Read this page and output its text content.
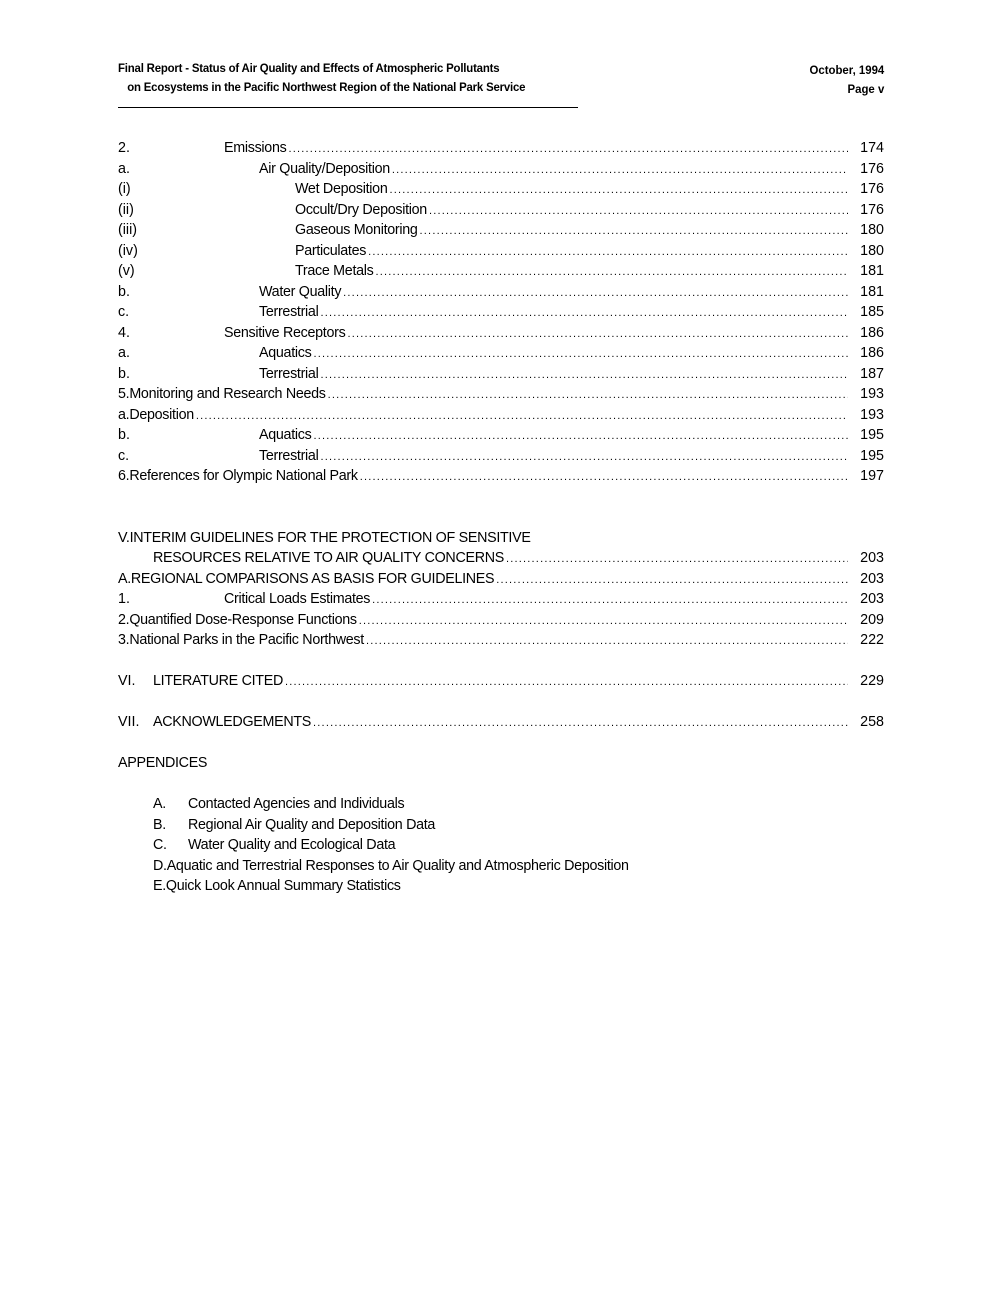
Final Report - Status of Air Quality and Effects of Atmospheric Pollutants
on Ecosystems in the Pacific Northwest Region of the National Park Service
October, 1994
Page v
2.	Emissions .....	174
a.	Air Quality/Deposition .....	176
(i)	Wet Deposition .....	176
(ii)	Occult/Dry Deposition .....	176
(iii)	Gaseous Monitoring .....	180
(iv)	Particulates .....	180
(v)	Trace Metals .....	181
b.	Water Quality .....	181
c.	Terrestrial .....	185
4.	Sensitive Receptors .....	186
a.	Aquatics .....	186
b.	Terrestrial .....	187
5.Monitoring and Research Needs .....	193
a.Deposition .....	193
b.	Aquatics .....	195
c.	Terrestrial .....	195
6.References for Olympic National Park .....	197
V.INTERIM GUIDELINES FOR THE PROTECTION OF SENSITIVE
RESOURCES RELATIVE TO AIR QUALITY CONCERNS .....	203
A.REGIONAL COMPARISONS AS BASIS FOR GUIDELINES .....	203
1.	Critical Loads Estimates .....	203
2.Quantified Dose-Response Functions .....	209
3.National Parks in the Pacific Northwest .....	222
VI. LITERATURE CITED .....	229
VII. ACKNOWLEDGEMENTS .....	258
APPENDICES
A. Contacted Agencies and Individuals
B. Regional Air Quality and Deposition Data
C. Water Quality and Ecological Data
D.Aquatic and Terrestrial Responses to Air Quality and Atmospheric Deposition
E.Quick Look Annual Summary Statistics
